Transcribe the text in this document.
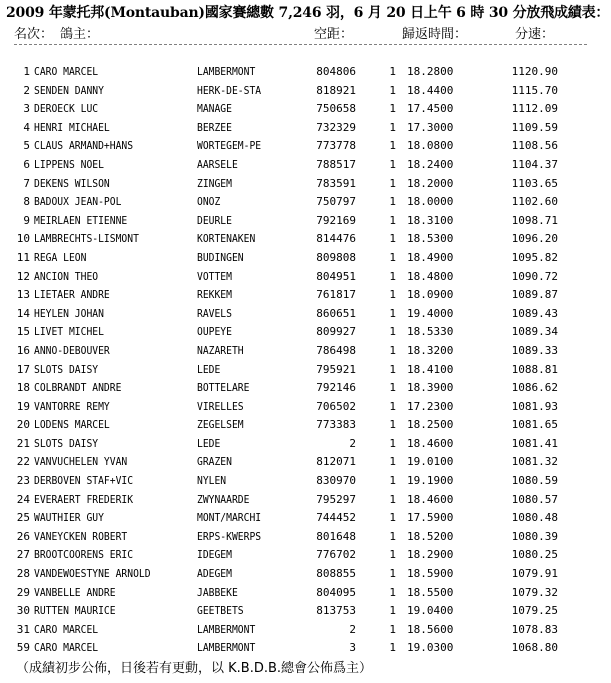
2009 年蒙托邦(Montauban)國家賽總數 7,246 羽，6 月 20 日上午 6 時 30 分放飛成績表：
名次： 鴿主：	空距：	歸返時間：	分速：
1 CARO MARCEL	LAMBERMONT	804806	1 18.2800	1120.90
2 SENDEN DANNY	HERK-DE-STA	818921	1 18.4400	1115.70
3 DEROECK LUC	MANAGE	750658	1 17.4500	1112.09
4 HENRI MICHAEL	BERZEE	732329	1 17.3000	1109.59
5 CLAUS ARMAND+HANS	WORTEGEM-PE	773778	1 18.0800	1108.56
6 LIPPENS NOEL	AARSELE	788517	1 18.2400	1104.37
7 DEKENS WILSON	ZINGEM	783591	1 18.2000	1103.65
8 BADOUX JEAN-POL	ONOZ	750797	1 18.0000	1102.60
9 MEIRLAEN ETIENNE	DEURLE	792169	1 18.3100	1098.71
10 LAMBRECHTS-LISMONT	KORTENAKEN	814476	1 18.5300	1096.20
11 REGA LEON	BUDINGEN	809808	1 18.4900	1095.82
12 ANCION THEO	VOTTEM	804951	1 18.4800	1090.72
13 LIETAER ANDRE	REKKEM	761817	1 18.0900	1089.87
14 HEYLEN JOHAN	RAVELS	860651	1 19.4000	1089.43
15 LIVET MICHEL	OUPEYE	809927	1 18.5330	1089.34
16 ANNO-DEBOUVER	NAZARETH	786498	1 18.3200	1089.33
17 SLOTS DAISY	LEDE	795921	1 18.4100	1088.81
18 COLBRANDT ANDRE	BOTTELARE	792146	1 18.3900	1086.62
19 VANTORRE REMY	VIRELLES	706502	1 17.2300	1081.93
20 LODENS MARCEL	ZEGELSEM	773383	1 18.2500	1081.65
21 SLOTS DAISY	LEDE	2	1 18.4600	1081.41
22 VANVUCHELEN YVAN	GRAZEN	812071	1 19.0100	1081.32
23 DERBOVEN STAF+VIC	NYLEN	830970	1 19.1900	1080.59
24 EVERAERT FREDERIK	ZWYNAARDE	795297	1 18.4600	1080.57
25 WAUTHIER GUY	MONT/MARCHI	744452	1 17.5900	1080.48
26 VANEYCKEN ROBERT	ERPS-KWERPS	801648	1 18.5200	1080.39
27 BROOTCOORENS ERIC	IDEGEM	776702	1 18.2900	1080.25
28 VANDEWOESTYNE ARNOLD	ADEGEM	808855	1 18.5900	1079.91
29 VANBELLE ANDRE	JABBEKE	804095	1 18.5500	1079.32
30 RUTTEN MAURICE	GEETBETS	813753	1 19.0400	1079.25
31 CARO MARCEL	LAMBERMONT	2	1 18.5600	1078.83
59 CARO MARCEL	LAMBERMONT	3	1 19.0300	1068.80
（成績初步公佈，日後若有更動，以 K.B.D.B.總會公佈爲主）
